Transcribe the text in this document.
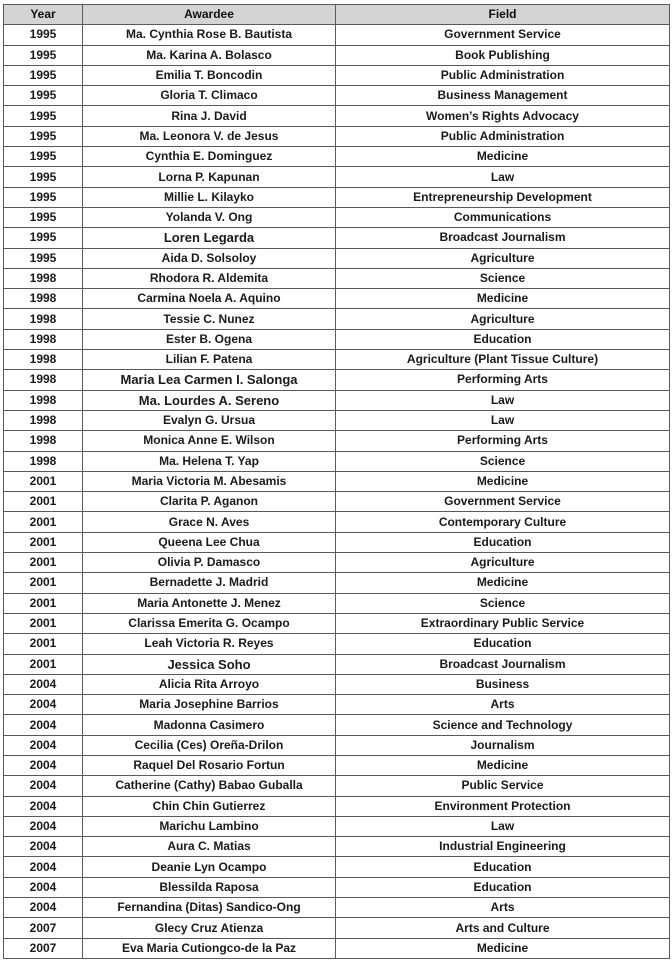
Year	Awardee	Field
1995	Ma. Cynthia Rose B. Bautista	Government Service
1995	Ma. Karina A. Bolasco	Book Publishing
1995	Emilia T. Boncodin	Public Administration
1995	Gloria T. Climaco	Business Management
1995	Rina J. David	Women’s Rights Advocacy
1995	Ma. Leonora V. de Jesus	Public Administration
1995	Cynthia E. Dominguez	Medicine
1995	Lorna P. Kapunan	Law
1995	Millie L. Kilayko	Entrepreneurship Development
1995	Yolanda V. Ong	Communications
1995	Loren Legarda	Broadcast Journalism
1995	Aida D. Solsoloy	Agriculture
1998	Rhodora R. Aldemita	Science
1998	Carmina Noela A. Aquino	Medicine
1998	Tessie C. Nunez	Agriculture
1998	Ester B. Ogena	Education
1998	Lilian F. Patena	Agriculture (Plant Tissue Culture)
1998	Maria Lea Carmen I. Salonga	Performing Arts
1998	Ma. Lourdes A. Sereno	Law
1998	Evalyn G. Ursua	Law
1998	Monica Anne E. Wilson	Performing Arts
1998	Ma. Helena T. Yap	Science
2001	Maria Victoria M. Abesamis	Medicine
2001	Clarita P. Aganon	Government Service
2001	Grace N. Aves	Contemporary Culture
2001	Queena Lee Chua	Education
2001	Olivia P. Damasco	Agriculture
2001	Bernadette J. Madrid	Medicine
2001	Maria Antonette J. Menez	Science
2001	Clarissa Emerita G. Ocampo	Extraordinary Public Service
2001	Leah Victoria R. Reyes	Education
2001	Jessica Soho	Broadcast Journalism
2004	Alicia Rita Arroyo	Business
2004	Maria Josephine Barrios	Arts
2004	Madonna Casimero	Science and Technology
2004	Cecilia (Ces) Oreña-Drilon	Journalism
2004	Raquel Del Rosario Fortun	Medicine
2004	Catherine (Cathy) Babao Guballa	Public Service
2004	Chin Chin Gutierrez	Environment Protection
2004	Marichu Lambino	Law
2004	Aura C. Matias	Industrial Engineering
2004	Deanie Lyn Ocampo	Education
2004	Blessilda Raposa	Education
2004	Fernandina (Ditas) Sandico-Ong	Arts
2007	Glecy Cruz Atienza	Arts and Culture
2007	Eva Maria Cutiongco-de la Paz	Medicine
